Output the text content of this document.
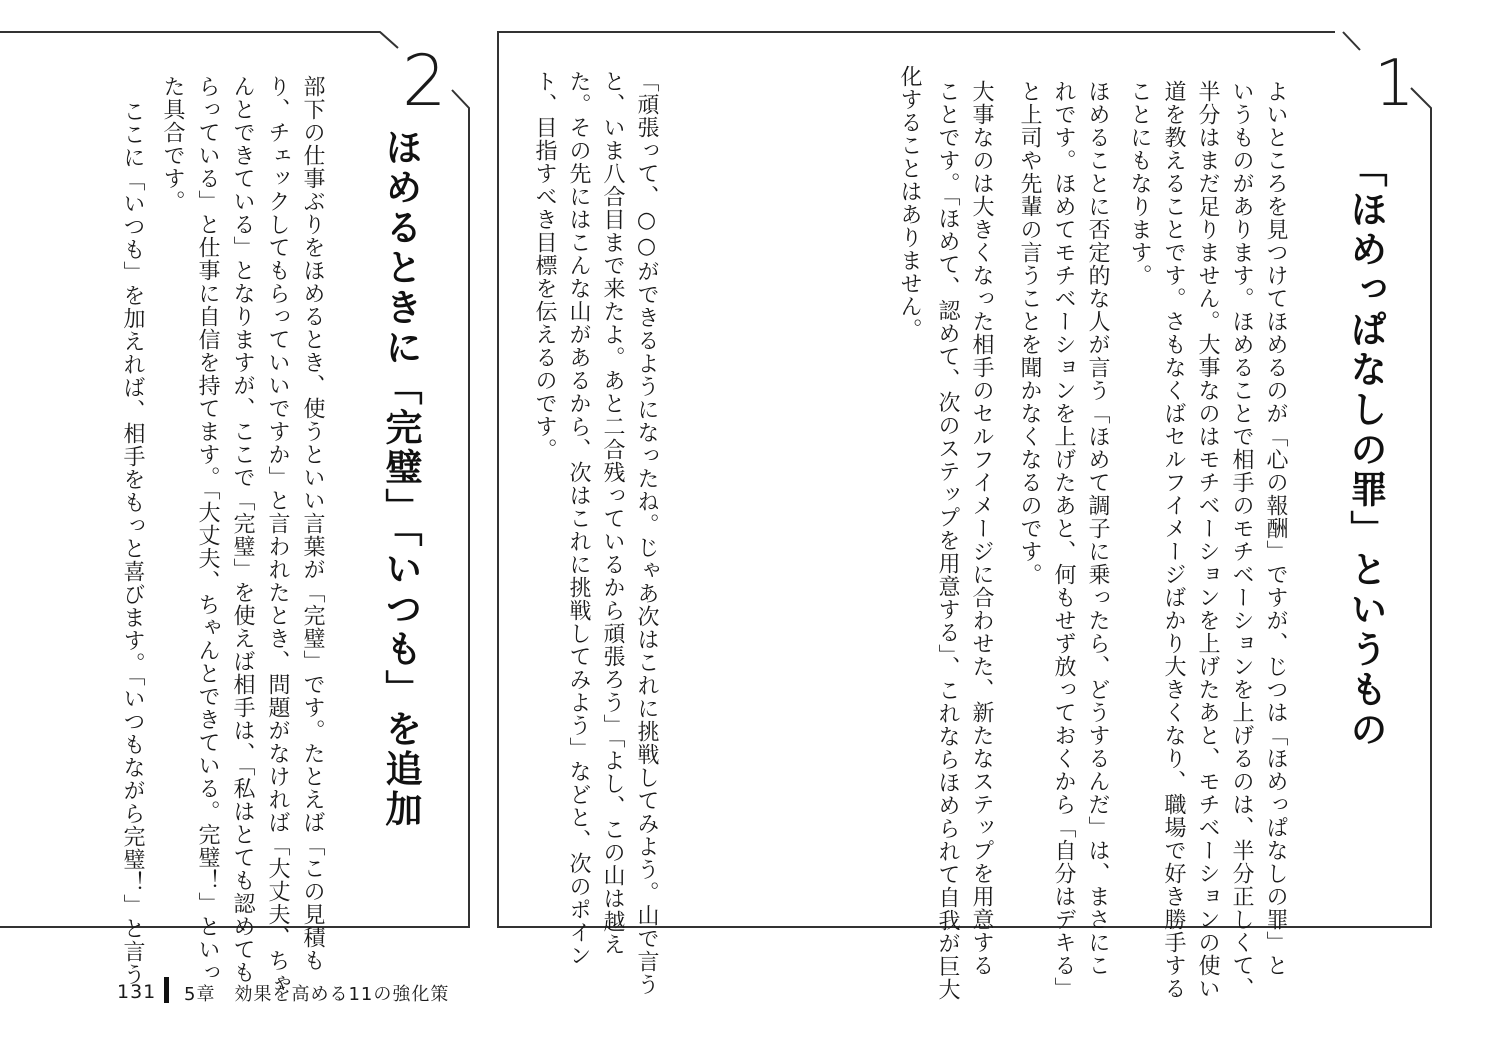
2
ほめるときに「完璧」「いつも」を追加
部下の仕事ぶりをほめるとき、使うといい言葉が「完璧」です。たとえば「この見積も
り、チェックしてもらっていいですか」と言われたとき、問題がなければ「大丈夫、ちゃ
んとできている」となりますが、ここで「完璧」を使えば相手は、「私はとても認めても
らっている」と仕事に自信を持てます。「大丈夫、ちゃんとできている。完璧！」といっ
た具合です。
ここに「いつも」を加えれば、相手をもっと喜びます。「いつもながら完璧！」と言う
1
「ほめっぱなしの罪」というもの
よいところを見つけてほめるのが「心の報酬」ですが、じつは「ほめっぱなしの罪」と
いうものがあります。ほめることで相手のモチベーションを上げるのは、半分正しくて、
半分はまだ足りません。大事なのはモチベーションを上げたあと、モチベーションの使い
道を教えることです。さもなくばセルフイメージばかり大きくなり、職場で好き勝手する
ことにもなります。
ほめることに否定的な人が言う「ほめて調子に乗ったら、どうするんだ」は、まさにこ
れです。ほめてモチベーションを上げたあと、何もせず放っておくから「自分はデキる」
と上司や先輩の言うことを聞かなくなるのです。
大事なのは大きくなった相手のセルフイメージに合わせた、新たなステップを用意する
ことです。「ほめて、認めて、次のステップを用意する」、これならほめられて自我が巨大
化することはありません。
「頑張って、○○ができるようになったね。じゃあ次はこれに挑戦してみよう。山で言う
と、いま八合目まで来たよ。あと二合残っているから頑張ろう」「よし、この山は越え
た。その先にはこんな山があるから、次はこれに挑戦してみよう」などと、次のポイン
ト、目指すべき目標を伝えるのです。
131 5章　効果を高める11の強化策
